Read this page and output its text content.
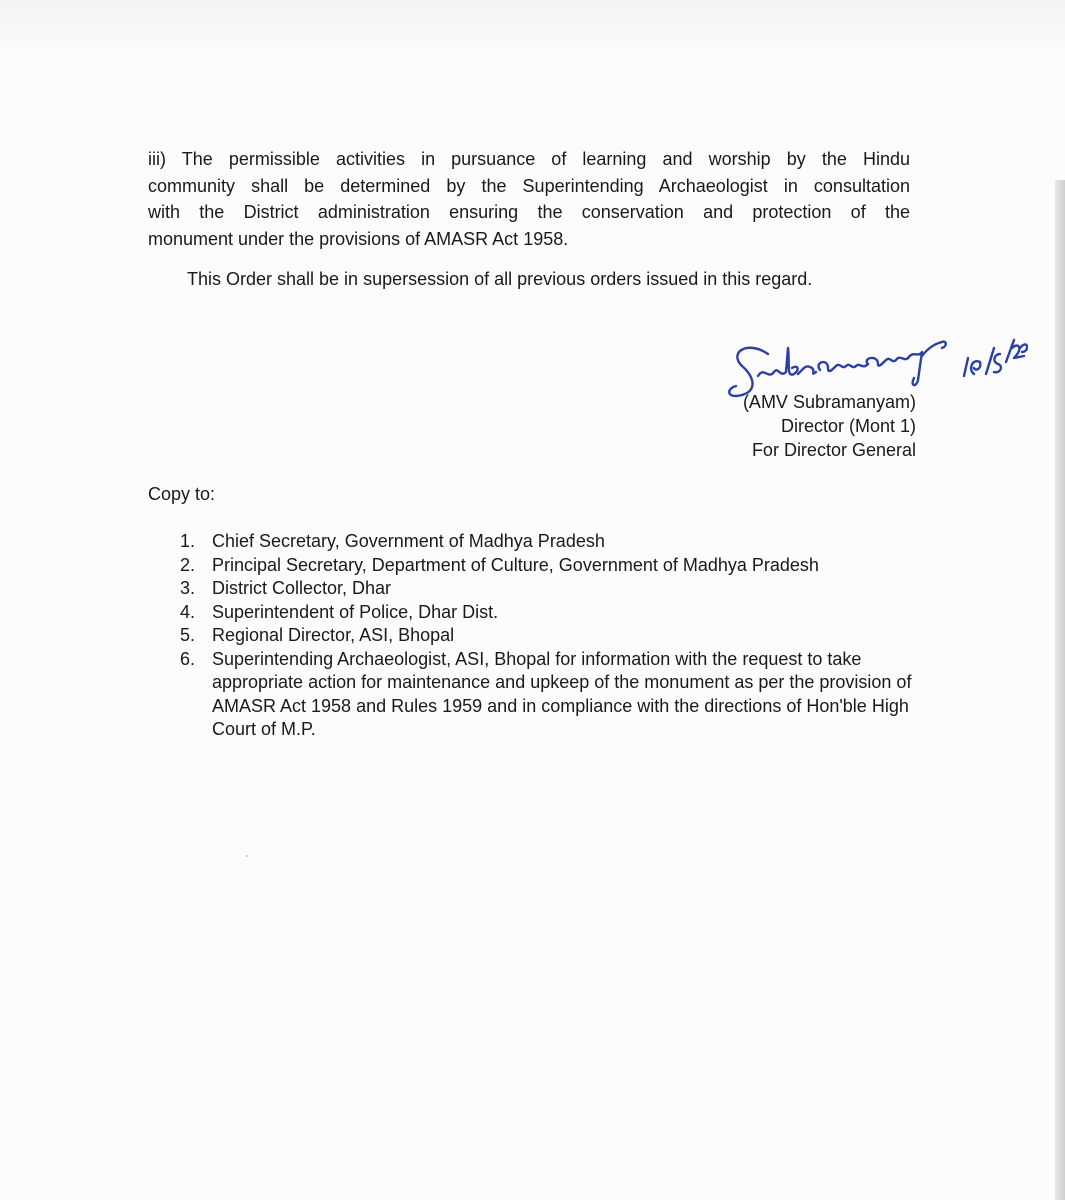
iii) The permissible activities in pursuance of learning and worship by the Hindu
community shall be determined by the Superintending Archaeologist in consultation
with the District administration ensuring the conservation and protection of the
monument under the provisions of AMASR Act 1958.

This Order shall be in supersession of all previous orders issued in this regard.

(AMV Subramanyam)
Director (Mont 1)
For Director General
Copy to:
1. Chief Secretary, Government of Madhya Pradesh
2. Principal Secretary, Department of Culture, Government of Madhya Pradesh
3. District Collector, Dhar
4. Superintendent of Police, Dhar Dist.
5. Regional Director, ASI, Bhopal
6. Superintending Archaeologist, ASI, Bhopal for information with the request to take appropriate action for maintenance and upkeep of the monument as per the provision of AMASR Act 1958 and Rules 1959 and in compliance with the directions of Hon'ble High Court of M.P.
